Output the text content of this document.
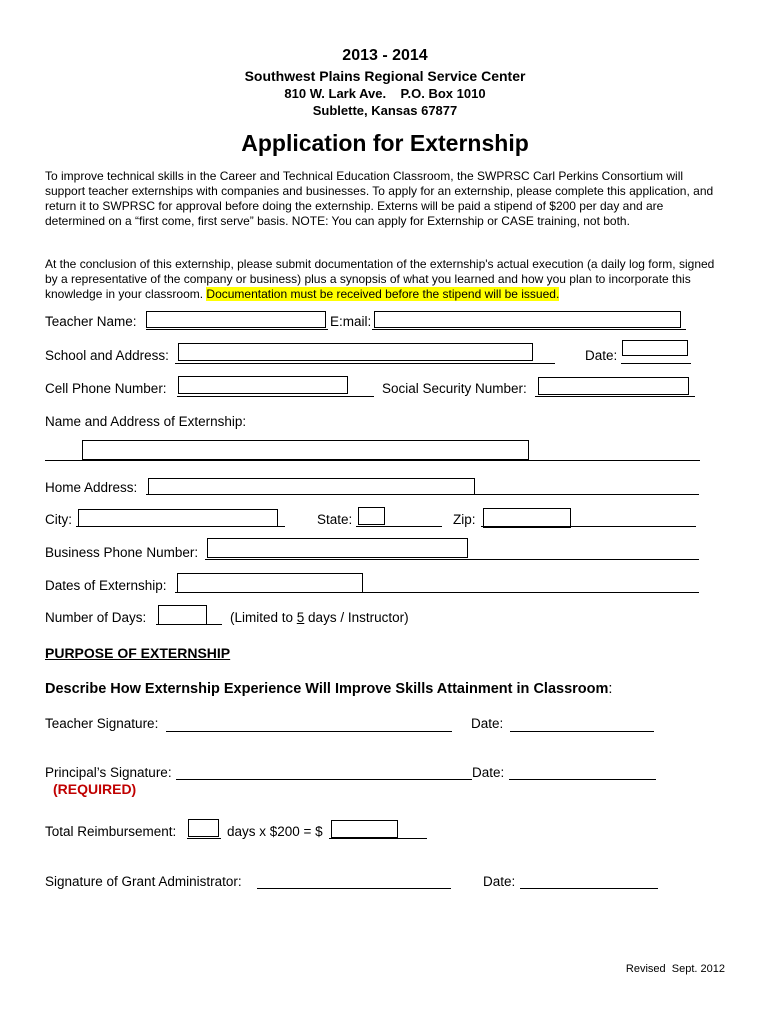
2013 - 2014
Southwest Plains Regional Service Center
810 W. Lark Ave.    P.O. Box 1010
Sublette, Kansas 67877
Application for Externship
To improve technical skills in the Career and Technical Education Classroom, the SWPRSC Carl Perkins Consortium will support teacher externships with companies and businesses. To apply for an externship, please complete this application, and return it to SWPRSC for approval before doing the externship. Externs will be paid a stipend of $200 per day and are determined on a “first come, first serve” basis. NOTE: You can apply for Externship or CASE training, not both.
At the conclusion of this externship, please submit documentation of the externship's actual execution (a daily log form, signed by a representative of the company or business) plus a synopsis of what you learned and how you plan to incorporate this knowledge in your classroom. Documentation must be received before the stipend will be issued.
Teacher Name:	E:mail:
School and Address:	Date:
Cell Phone Number:	Social Security Number:
Name and Address of Externship:
Home Address:
City:	State:	Zip:
Business Phone Number:
Dates of Externship:
Number of Days:	(Limited to 5 days / Instructor)
PURPOSE OF EXTERNSHIP
Describe How Externship Experience Will Improve Skills Attainment in Classroom:
Teacher Signature:	Date:
Principal’s Signature:	Date:
(REQUIRED)
Total Reimbursement:	days x $200 = $
Signature of Grant Administrator:	Date:
Revised  Sept. 2012
